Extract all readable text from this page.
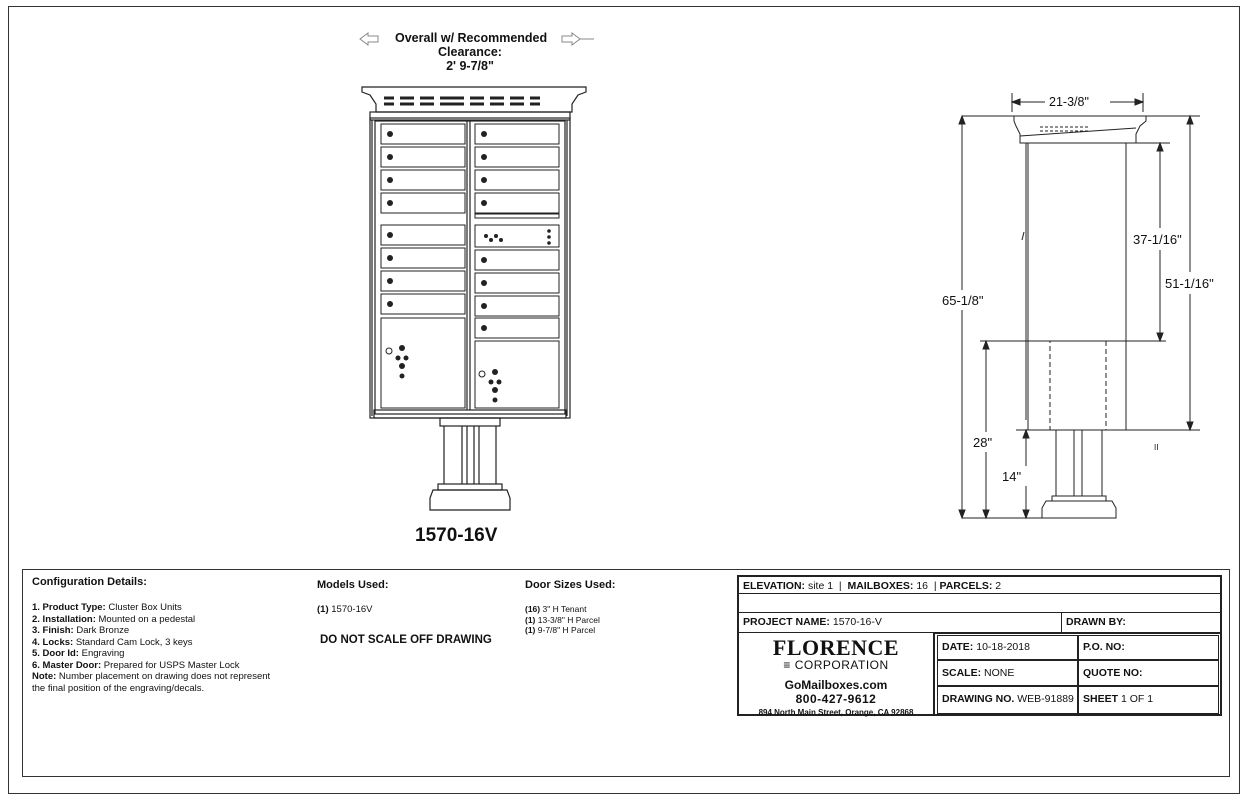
Overall w/ Recommended
Clearance:
2' 9-7/8"
1570-16V
21-3/8"
65-1/8"
37-1/16"
51-1/16"
28"
14"
II
Configuration Details:
1. Product Type: Cluster Box Units
2. Installation: Mounted on a pedestal
3. Finish: Dark Bronze
4. Locks: Standard Cam Lock, 3 keys
5. Door Id: Engraving
6. Master Door: Prepared for USPS Master Lock
Note: Number placement on drawing does not represent
the final position of the engraving/decals.
Models Used:
(1) 1570-16V
DO NOT SCALE OFF DRAWING
Door Sizes Used:
(16) 3" H Tenant
(1) 13-3/8" H Parcel
(1) 9-7/8" H Parcel
ELEVATION: site 1  |  MAILBOXES: 16  | PARCELS: 2
PROJECT NAME: 1570-16-V	DRAWN BY:
FLORENCE
≡ CORPORATION
GoMailboxes.com
800-427-9612
894 North Main Street, Orange, CA 92868
DATE: 10-18-2018	P.O. NO:
SCALE: NONE	QUOTE NO:
DRAWING NO. WEB-91889 SHEET 1 OF 1
